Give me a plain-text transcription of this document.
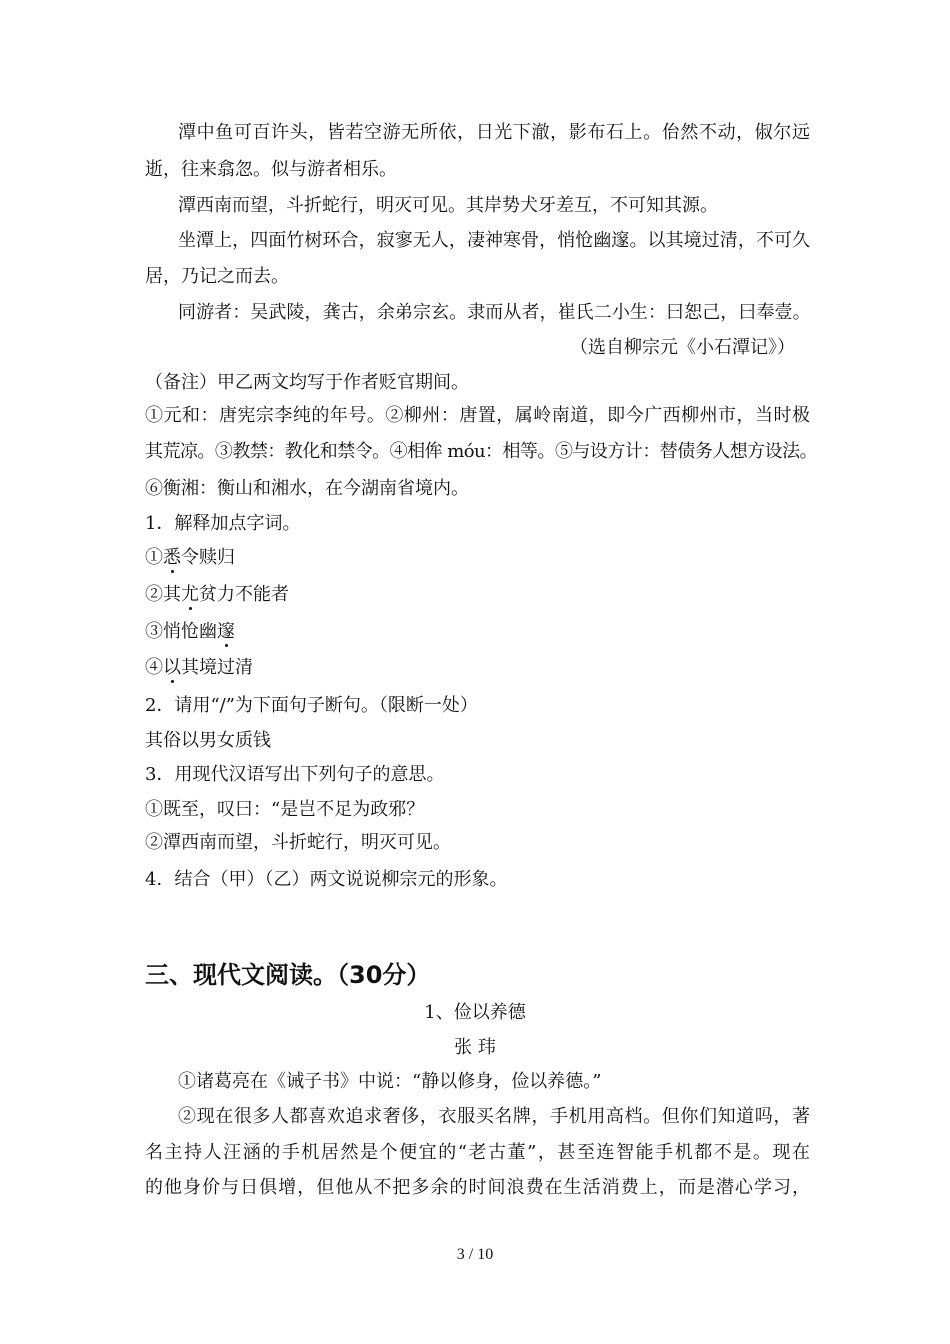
潭中鱼可百许头，皆若空游无所依，日光下澈，影布石上。佁然不动，俶尔远
逝，往来翕忽。似与游者相乐。
潭西南而望，斗折蛇行，明灭可见。其岸势犬牙差互，不可知其源。
坐潭上，四面竹树环合，寂寥无人，凄神寒骨，悄怆幽邃。以其境过清，不可久
居，乃记之而去。
同游者：吴武陵，龚古，余弟宗玄。隶而从者，崔氏二小生：曰恕己，曰奉壹。
（选自柳宗元《小石潭记》）
（备注）甲乙两文均写于作者贬官期间。
①元和：唐宪宗李纯的年号。②柳州：唐置，属岭南道，即今广西柳州市，当时极
其荒凉。③教禁：教化和禁令。④相侔 móu：相等。⑤与设方计：替债务人想方设法。
⑥衡湘：衡山和湘水，在今湖南省境内。
1．解释加点字词。
①悉令赎归
②其尤贫力不能者
③悄怆幽邃
④以其境过清
2．请用“/”为下面句子断句。（限断一处）
其俗以男女质钱
3．用现代汉语写出下列句子的意思。
①既至，叹曰：“是岂不足为政邪？
②潭西南而望，斗折蛇行，明灭可见。
4．结合（甲）（乙）两文说说柳宗元的形象。
三、现代文阅读。（30分）
1、俭以养德
张 玮
①诸葛亮在《诫子书》中说：“静以修身，俭以养德。”
②现在很多人都喜欢追求奢侈，衣服买名牌，手机用高档。但你们知道吗，著
名主持人汪涵的手机居然是个便宜的“老古董”，甚至连智能手机都不是。现在
的他身价与日俱增，但他从不把多余的时间浪费在生活消费上，而是潜心学习，
3 / 10
